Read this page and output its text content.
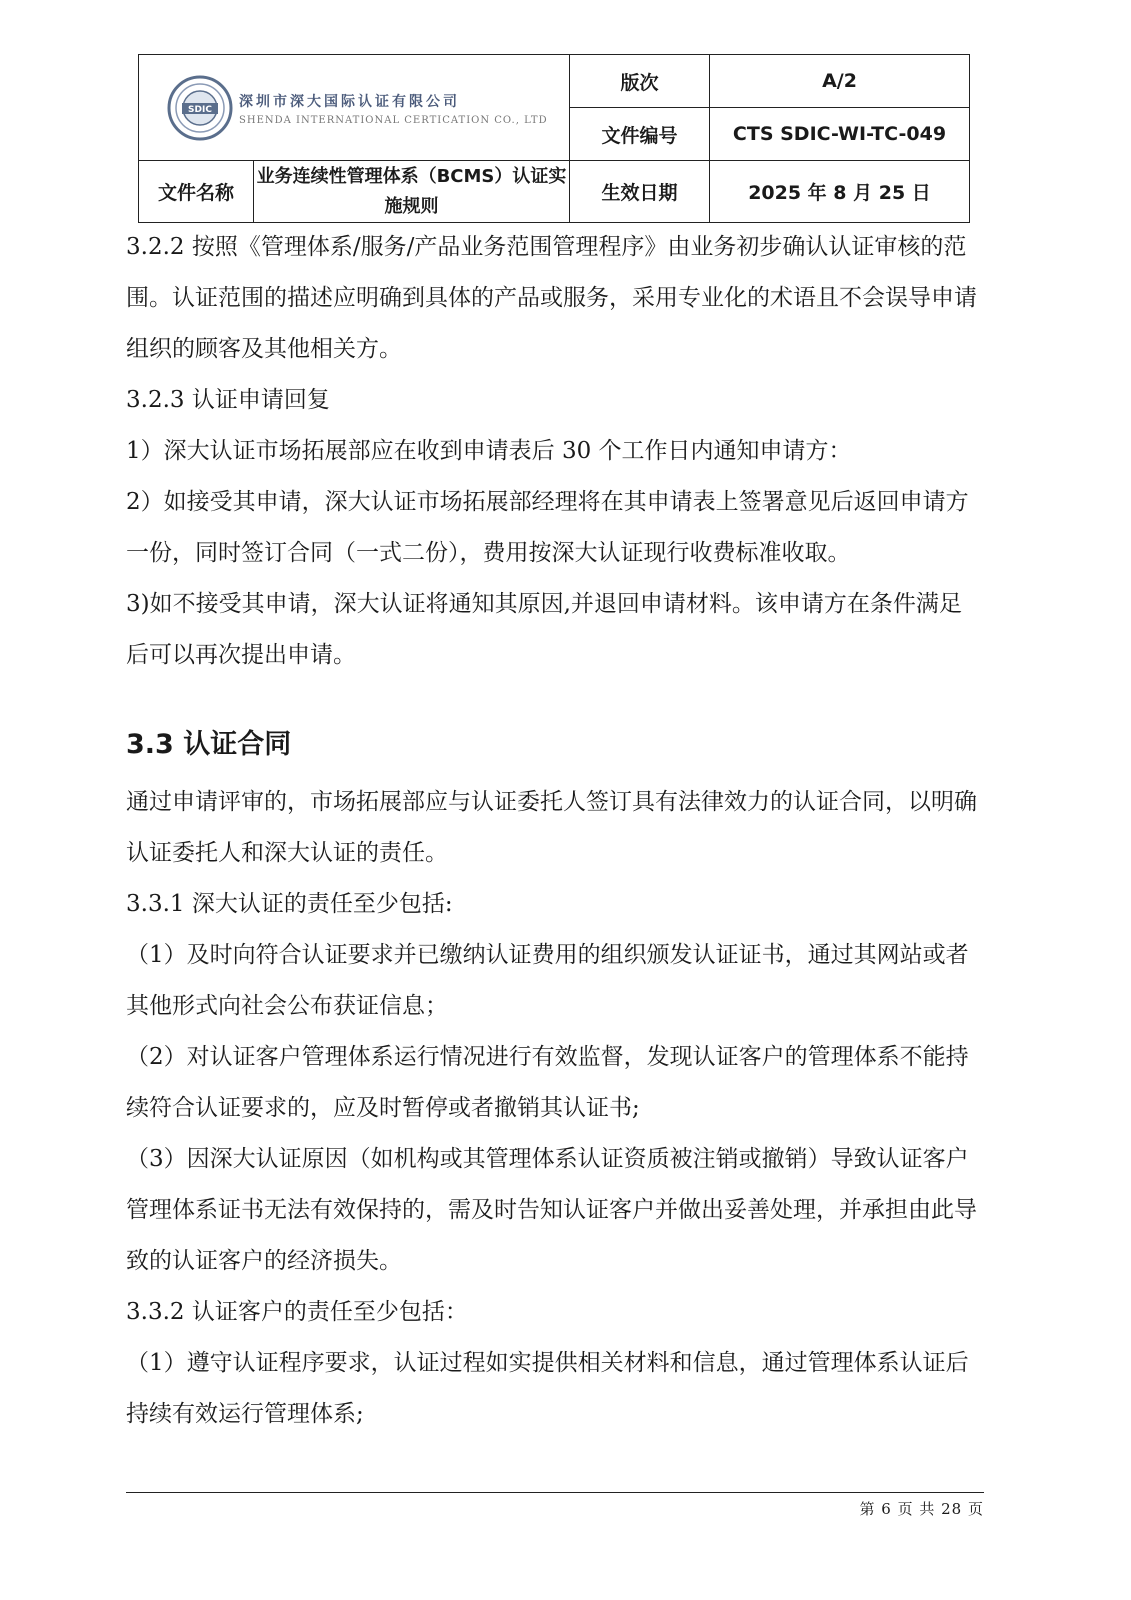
SDIC
深圳市深大国际认证有限公司
SHENDA INTERNATIONAL CERTICATION CO., LTD		版次	A/2
		文件编号	CTS SDIC-WI-TC-049
文件名称	业务连续性管理体系（BCMS）认证实施规则	生效日期	2025 年 8 月 25 日

3.2.2 按照《管理体系/服务/产品业务范围管理程序》由业务初步确认认证审核的范围。认证范围的描述应明确到具体的产品或服务，采用专业化的术语且不会误导申请组织的顾客及其他相关方。

3.2.3 认证申请回复

1）深大认证市场拓展部应在收到申请表后 30 个工作日内通知申请方：

2）如接受其申请，深大认证市场拓展部经理将在其申请表上签署意见后返回申请方一份，同时签订合同（一式二份），费用按深大认证现行收费标准收取。

3)如不接受其申请，深大认证将通知其原因,并退回申请材料。该申请方在条件满足后可以再次提出申请。

3.3 认证合同

通过申请评审的，市场拓展部应与认证委托人签订具有法律效力的认证合同，以明确认证委托人和深大认证的责任。

3.3.1 深大认证的责任至少包括:

（1）及时向符合认证要求并已缴纳认证费用的组织颁发认证证书，通过其网站或者其他形式向社会公布获证信息；

（2）对认证客户管理体系运行情况进行有效监督，发现认证客户的管理体系不能持续符合认证要求的，应及时暂停或者撤销其认证书;

（3）因深大认证原因（如机构或其管理体系认证资质被注销或撤销）导致认证客户管理体系证书无法有效保持的，需及时告知认证客户并做出妥善处理，并承担由此导致的认证客户的经济损失。

3.3.2 认证客户的责任至少包括：

（1）遵守认证程序要求，认证过程如实提供相关材料和信息，通过管理体系认证后持续有效运行管理体系;

第 6 页 共 28 页
